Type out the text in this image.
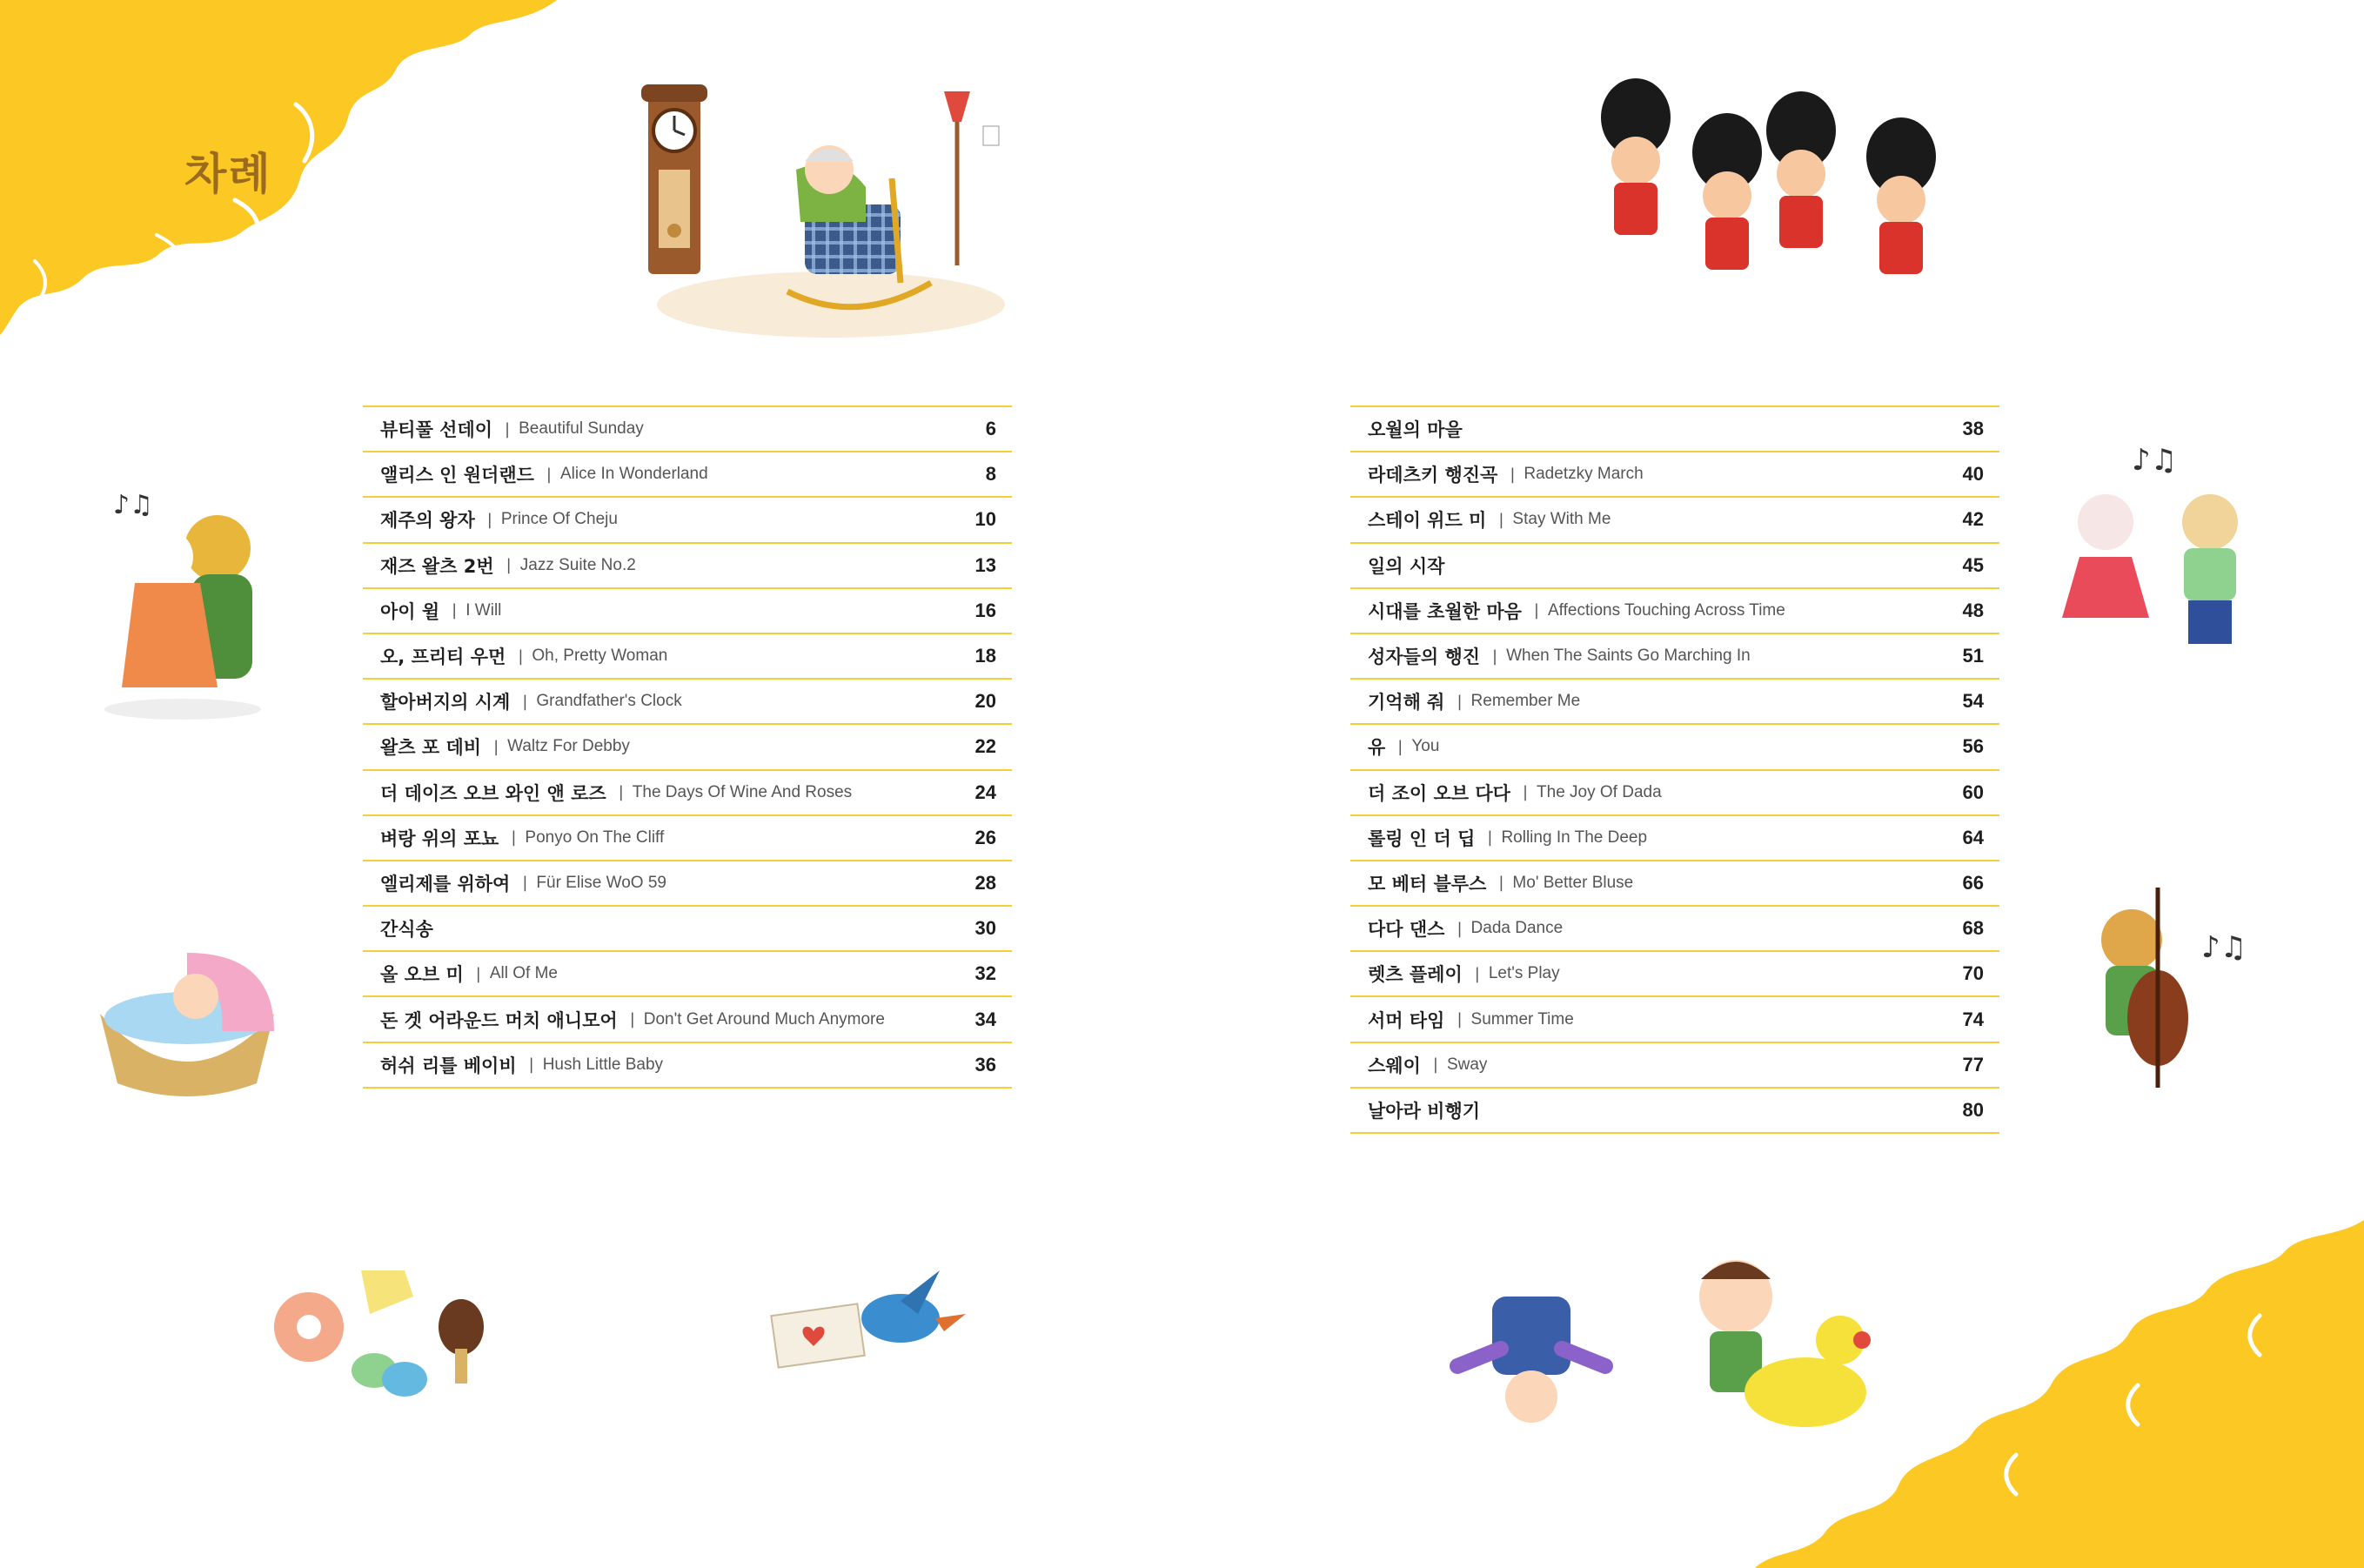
차례
뷰티풀 선데이 | Beautiful Sunday	6
앨리스 인 원더랜드 | Alice In Wonderland	8
제주의 왕자 | Prince Of Cheju	10
재즈 왈츠 2번 | Jazz Suite No.2	13
아이 윌 | I Will	16
오, 프리티 우먼 | Oh, Pretty Woman	18
할아버지의 시계 | Grandfather's Clock	20
왈츠 포 데비 | Waltz For Debby	22
더 데이즈 오브 와인 앤 로즈 | The Days Of Wine And Roses	24
벼랑 위의 포뇨 | Ponyo On The Cliff	26
엘리제를 위하여 | Für Elise WoO 59	28
간식송	30
올 오브 미 | All Of Me	32
돈 겟 어라운드 머치 애니모어 | Don't Get Around Much Anymore	34
허쉬 리틀 베이비 | Hush Little Baby	36
오월의 마을	38
라데츠키 행진곡 | Radetzky March	40
스테이 위드 미 | Stay With Me	42
일의 시작	45
시대를 초월한 마음 | Affections Touching Across Time	48
성자들의 행진 | When The Saints Go Marching In	51
기억해 줘 | Remember Me	54
유 | You	56
더 조이 오브 다다 | The Joy Of Dada	60
롤링 인 더 딥 | Rolling In The Deep	64
모 베터 블루스 | Mo' Better Bluse	66
다다 댄스 | Dada Dance	68
렛츠 플레이 | Let's Play	70
서머 타임 | Summer Time	74
스웨이 | Sway	77
날아라 비행기	80
♪♫
♪♫
♪♫
